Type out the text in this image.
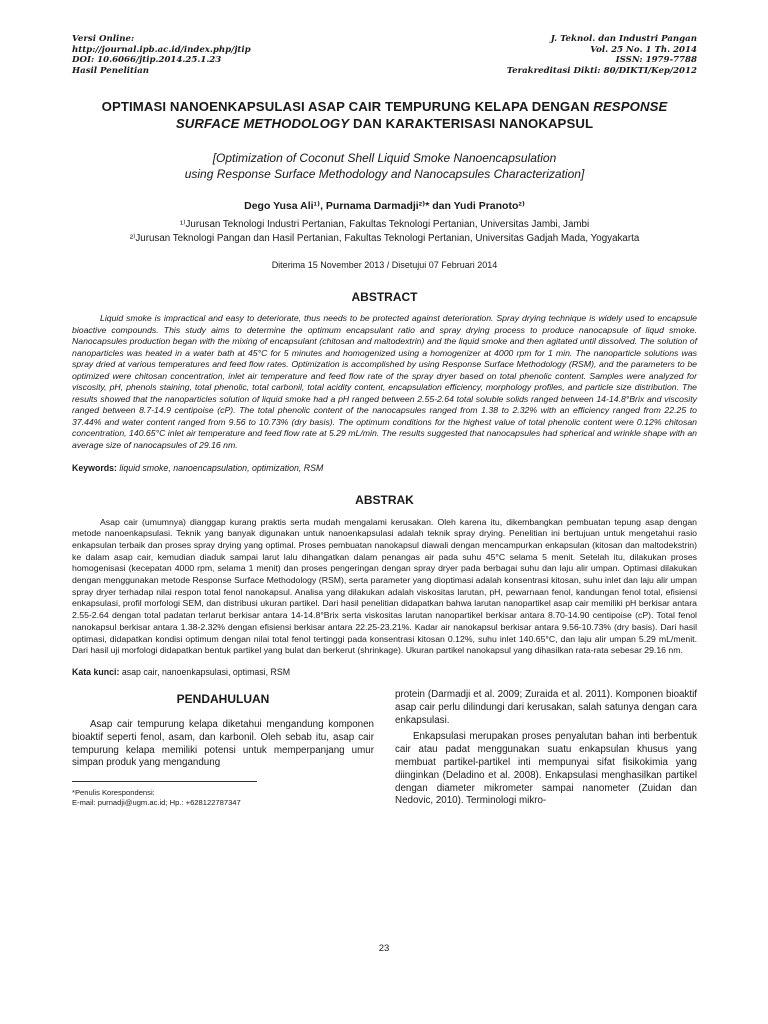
Versi Online:
http://journal.ipb.ac.id/index.php/jtip
DOI: 10.6066/jtip.2014.25.1.23
Hasil Penelitian
J. Teknol. dan Industri Pangan
Vol. 25 No. 1 Th. 2014
ISSN: 1979-7788
Terakreditasi Dikti: 80/DIKTI/Kep/2012
OPTIMASI NANOENKAPSULASI ASAP CAIR TEMPURUNG KELAPA DENGAN RESPONSE SURFACE METHODOLOGY DAN KARAKTERISASI NANOKAPSUL
[Optimization of Coconut Shell Liquid Smoke Nanoencapsulation
using Response Surface Methodology and Nanocapsules Characterization]
Dego Yusa Ali¹⁾, Purnama Darmadji²⁾* dan Yudi Pranoto²⁾
¹⁾Jurusan Teknologi Industri Pertanian, Fakultas Teknologi Pertanian, Universitas Jambi, Jambi
²⁾Jurusan Teknologi Pangan dan Hasil Pertanian, Fakultas Teknologi Pertanian, Universitas Gadjah Mada, Yogyakarta
Diterima 15 November 2013 / Disetujui 07 Februari 2014
ABSTRACT

Liquid smoke is impractical and easy to deteriorate, thus needs to be protected against deterioration. Spray drying technique is widely used to encapsule bioactive compounds. This study aims to determine the optimum encapsulant ratio and spray drying process to produce nanocapsule of liqud smoke. Nanocapsules production began with the mixing of encapsulant (chitosan and maltodextrin) and the liquid smoke and then agitated until dissolved. The solution of nanoparticles was heated in a water bath at 45°C for 5 minutes and homogenized using a homogenizer at 4000 rpm for 1 min. The nanoparticle solutions was spray dried at various temperatures and feed flow rates. Optimization is accomplished by using Response Surface Methodology (RSM), and the parameters to be optimized were chitosan concentration, inlet air temperature and feed flow rate of the spray dryer based on total phenolic content. Samples were analyzed for viscosity, pH, phenols staining, total phenolic, total carbonil, total acidity content, encapsulation efficiency, morphology profiles, and particle size distribution. The results showed that the nanoparticles solution of liquid smoke had a pH ranged between 2.55-2.64 total soluble solids ranged between 14-14.8°Brix and viscosity ranged between 8.7-14.9 centipoise (cP). The total phenolic content of the nanocapsules ranged from 1.38 to 2.32% with an efficiency ranged from 22.25 to 37.44% and water content ranged from 9.56 to 10.73% (dry basis). The optimum conditions for the highest value of total phenolic content were 0.12% chitosan concentration, 140.65°C inlet air temperature and feed flow rate at 5.29 mL/min. The results suggested that nanocapsules had spherical and wrinkle shape with an average size of nanocapsules of 29.16 nm.

Keywords: liquid smoke, nanoencapsulation, optimization, RSM
ABSTRAK

Asap cair (umumnya) dianggap kurang praktis serta mudah mengalami kerusakan. Oleh karena itu, dikembangkan pembuatan tepung asap dengan metode nanoenkapsulasi. Teknik yang banyak digunakan untuk nanoenkapsulasi adalah teknik spray drying. Penelitian ini bertujuan untuk mengetahui rasio enkapsulan terbaik dan proses spray drying yang optimal. Proses pembuatan nanokapsul diawali dengan mencampurkan enkapsulan (kitosan dan maltodekstrin) ke dalam asap cair, kemudian diaduk sampai larut lalu dihangatkan dalam penangas air pada suhu 45°C selama 5 menit. Setelah itu, dilakukan proses homogenisasi (kecepatan 4000 rpm, selama 1 menit) dan proses pengeringan dengan spray dryer pada berbagai suhu dan laju alir umpan. Optimasi dilakukan dengan menggunakan metode Response Surface Methodology (RSM), serta parameter yang dioptimasi adalah konsentrasi kitosan, suhu inlet dan laju alir umpan spray dryer terhadap nilai respon total fenol nanokapsul. Analisa yang dilakukan adalah viskositas larutan, pH, pewarnaan fenol, kandungan fenol total, efisiensi enkapsulasi, profil morfologi SEM, dan distribusi ukuran partikel. Dari hasil penelitian didapatkan bahwa larutan nanopartikel asap cair memiliki pH berkisar antara 2.55-2.64 dengan total padatan terlarut berkisar antara 14-14.8°Brix serta viskositas larutan nanopartikel berkisar antara 8.70-14.90 centipoise (cP). Total fenol nanokapsul berkisar antara 1.38-2.32% dengan efisiensi berkisar antara 22.25-23.21%. Kadar air nanokapsul berkisar antara 9.56-10.73% (dry basis). Dari hasil optimasi, didapatkan kondisi optimum dengan nilai total fenol tertinggi pada konsentrasi kitosan 0.12%, suhu inlet 140.65°C, dan laju alir umpan 5.29 mL/menit. Dari hasil uji morfologi didapatkan bentuk partikel yang bulat dan berkerut (shrinkage). Ukuran partikel nanokapsul yang dihasilkan rata-rata sebesar 29.16 nm.

Kata kunci: asap cair, nanoenkapsulasi, optimasi, RSM
PENDAHULUAN

Asap cair tempurung kelapa diketahui mengandung komponen bioaktif seperti fenol, asam, dan karbonil. Oleh sebab itu, asap cair tempurung kelapa memiliki potensi untuk memperpanjang umur simpan produk yang mengandung

*Penulis Korespondensi:
E-mail: purnadji@ugm.ac.id; Hp.: +628122787347

protein (Darmadji et al. 2009; Zuraida et al. 2011). Komponen bioaktif asap cair perlu dilindungi dari kerusakan, salah satunya dengan cara enkapsulasi.

Enkapsulasi merupakan proses penyalutan bahan inti berbentuk cair atau padat menggunakan suatu enkapsulan khusus yang membuat partikel-partikel inti mempunyai sifat fisikokimia yang diinginkan (Deladino et al. 2008). Enkapsulasi menghasilkan partikel dengan diameter mikrometer sampai nanometer (Zuidan dan Nedovic, 2010). Terminologi mikro-

23
